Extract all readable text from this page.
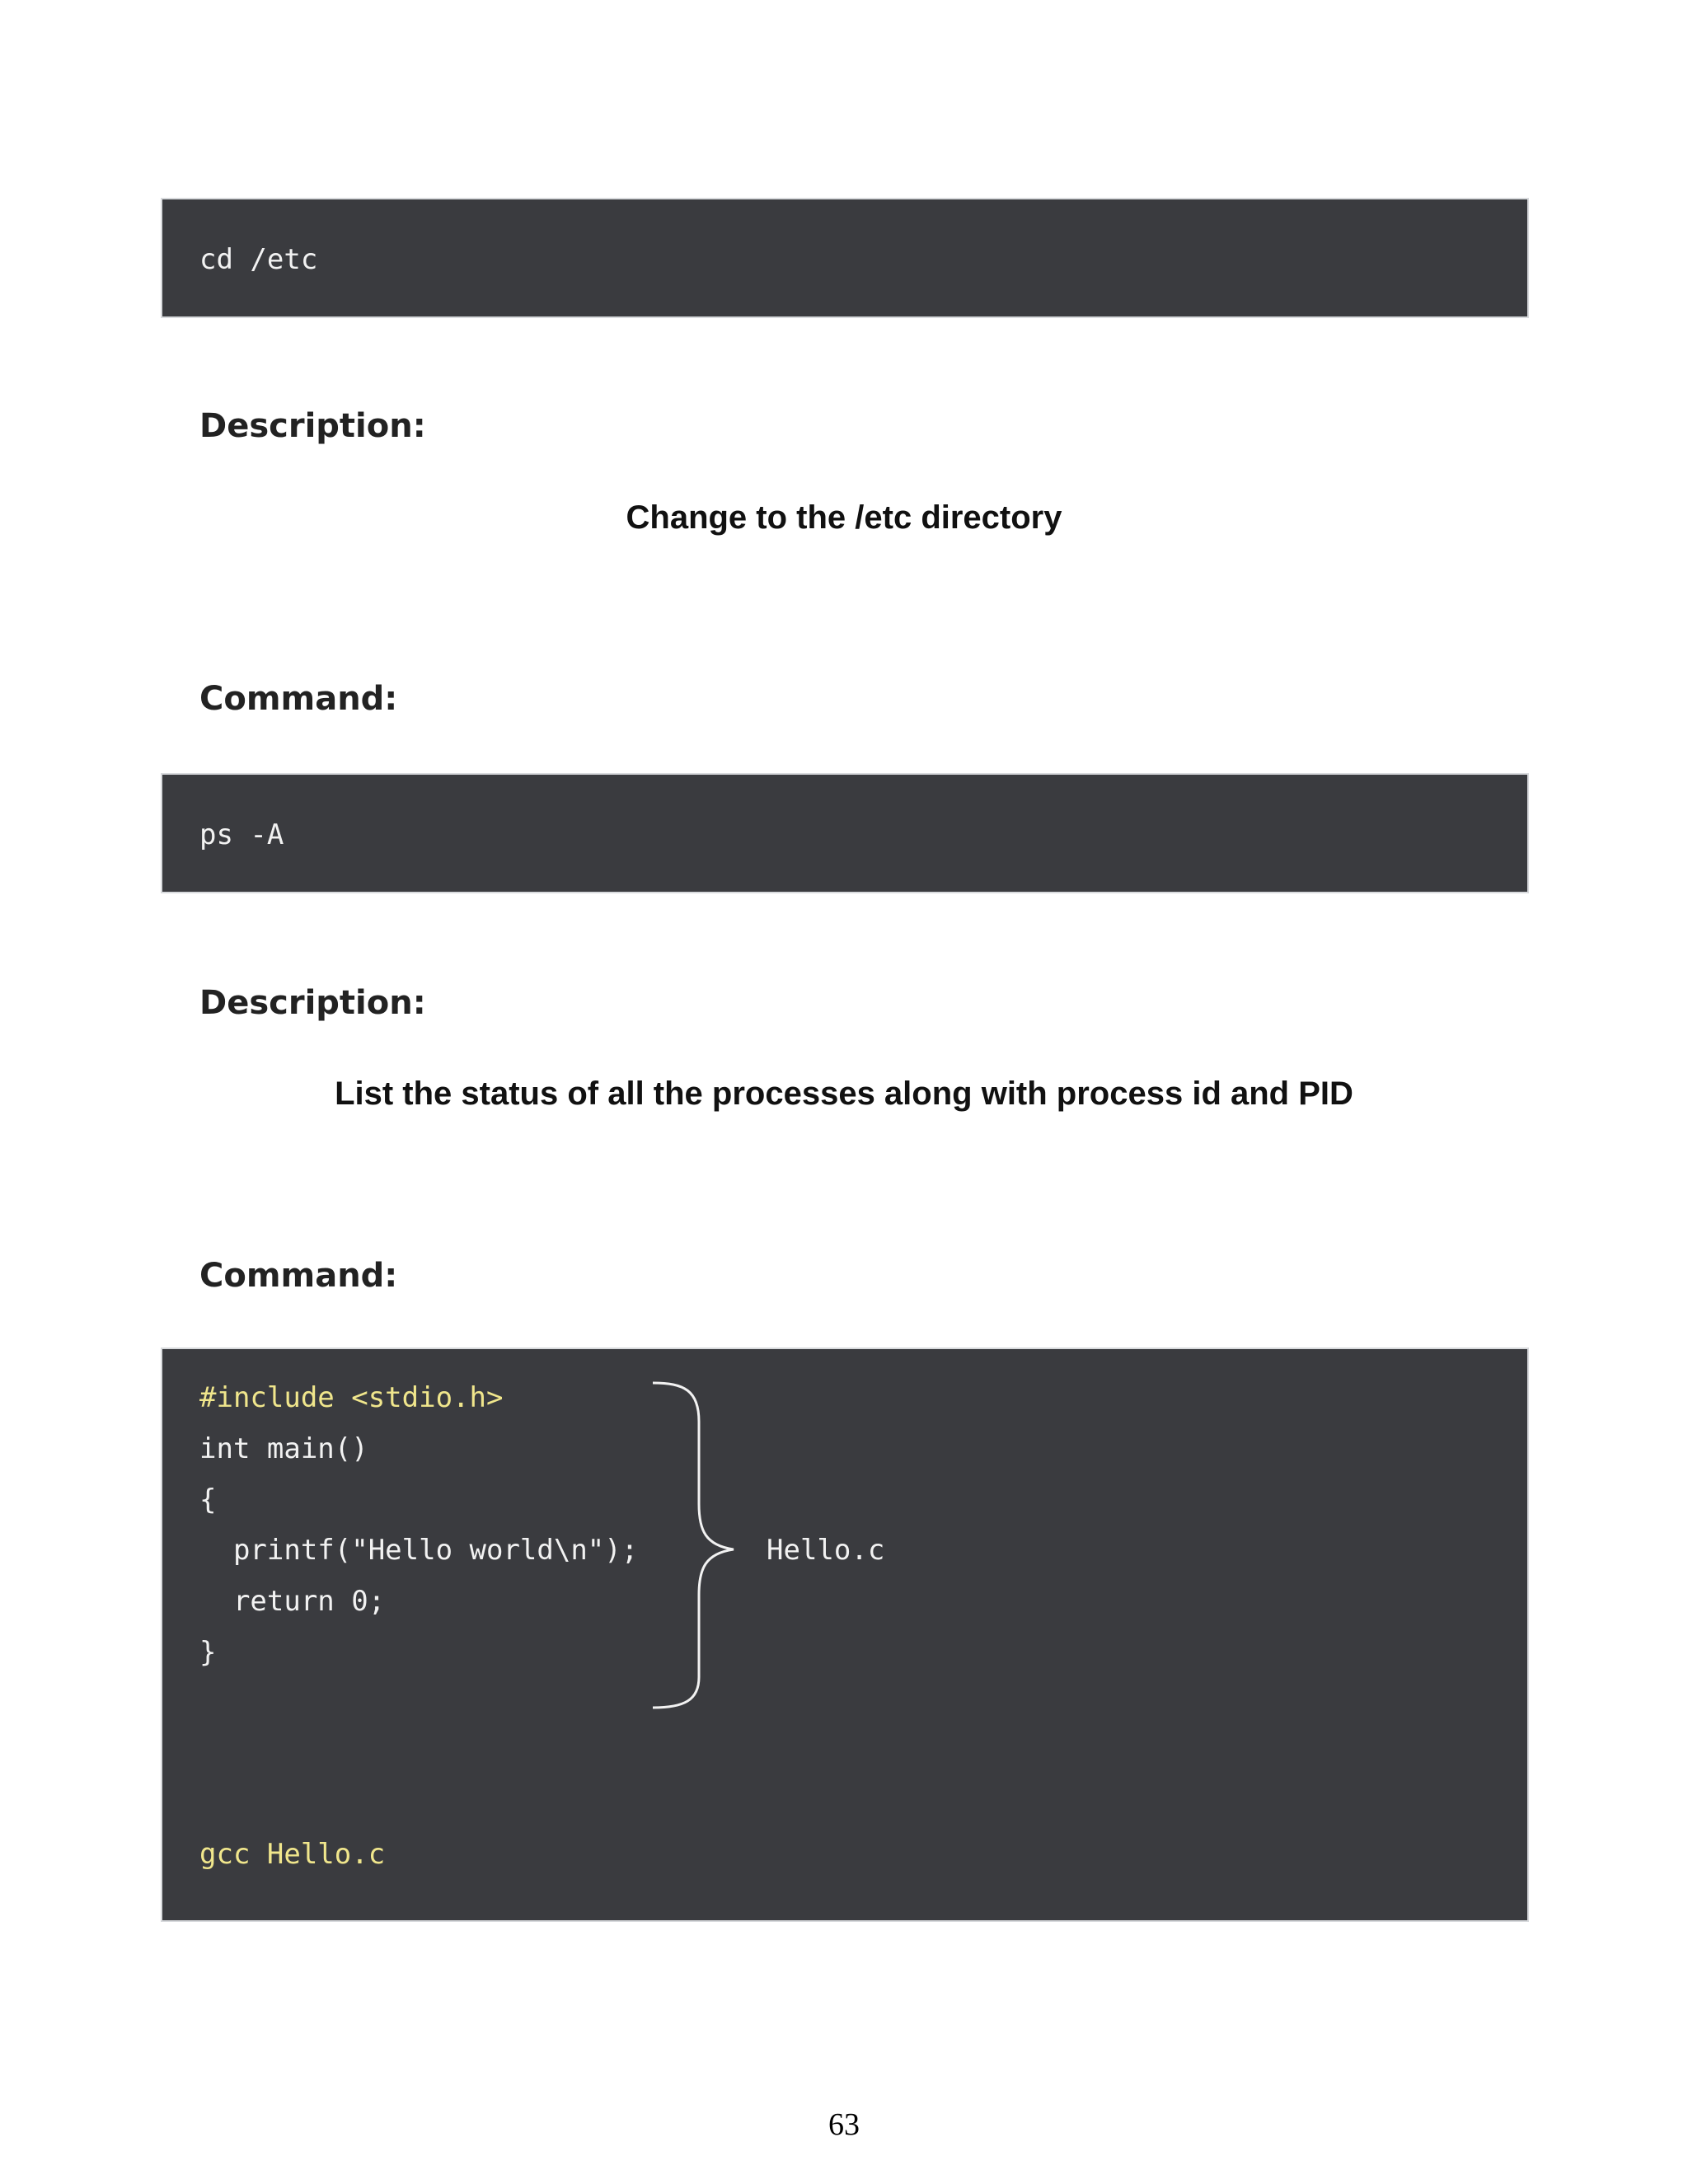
cd /etc
Description:
Change to the /etc directory
Command:
ps -A
Description:
List the status of all the processes along with process id and PID
Command:
#include <stdio.h>
int main()
{
printf("Hello world\n");
return 0;
}
Hello.c
gcc Hello.c
63
